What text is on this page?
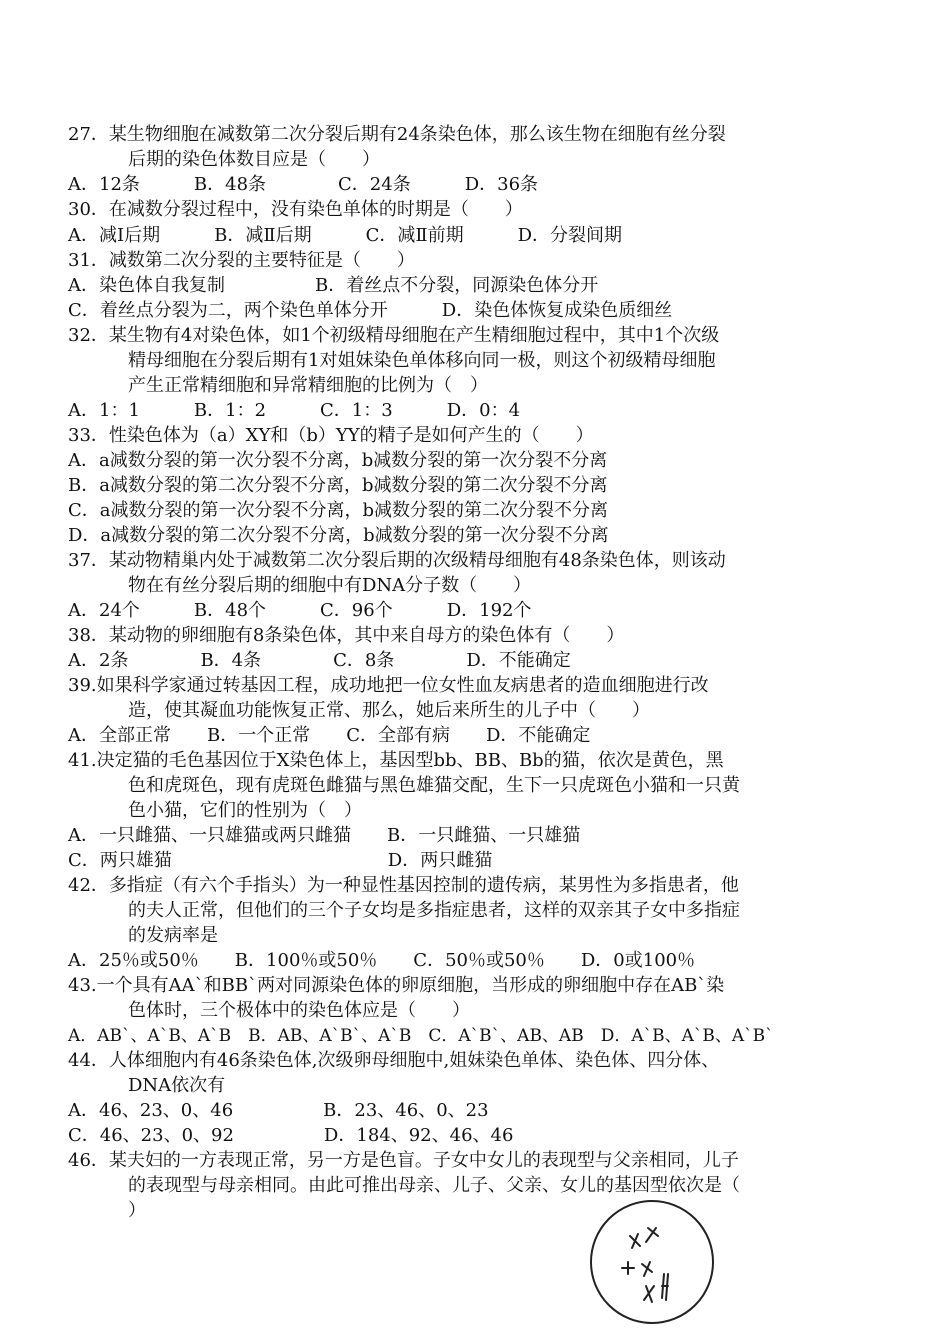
27．某生物细胞在减数第二次分裂后期有24条染色体，那么该生物在细胞有丝分裂
后期的染色体数目应是（　　）
A．12条　　　B．48条　　　　C．24条　　　D．36条
30．在减数分裂过程中，没有染色单体的时期是（　　）
A．减Ⅰ后期　　　B．减Ⅱ后期　　　C．减Ⅱ前期　　　D．分裂间期
31．减数第二次分裂的主要特征是（　　）
A．染色体自我复制　　　　　B．着丝点不分裂，同源染色体分开
C．着丝点分裂为二，两个染色单体分开　　　D．染色体恢复成染色质细丝
32．某生物有4对染色体，如1个初级精母细胞在产生精细胞过程中，其中1个次级
精母细胞在分裂后期有1对姐妹染色单体移向同一极，则这个初级精母细胞
产生正常精细胞和异常精细胞的比例为（　）
A．1：1　　　B．1：2　　　C．1：3　　　D．0：4
33．性染色体为（a）XY和（b）YY的精子是如何产生的（　　）
A．a减数分裂的第一次分裂不分离，b减数分裂的第一次分裂不分离
B．a减数分裂的第二次分裂不分离，b减数分裂的第二次分裂不分离
C．a减数分裂的第一次分裂不分离，b减数分裂的第二次分裂不分离
D．a减数分裂的第二次分裂不分离，b减数分裂的第一次分裂不分离
37．某动物精巢内处于减数第二次分裂后期的次级精母细胞有48条染色体，则该动
物在有丝分裂后期的细胞中有DNA分子数（　　）
A．24个　　　B．48个　　　C．96个　　　D．192个
38．某动物的卵细胞有8条染色体，其中来自母方的染色体有（　　）
A．2条　　　　B．4条　　　　C．8条　　　　D．不能确定
39.如果科学家通过转基因工程，成功地把一位女性血友病患者的造血细胞进行改
造，使其凝血功能恢复正常、那么，她后来所生的儿子中（　　）
A．全部正常　　B．一个正常　　C．全部有病　　D．不能确定
41.决定猫的毛色基因位于X染色体上，基因型bb、BB、Bb的猫，依次是黄色，黑
色和虎斑色，现有虎斑色雌猫与黑色雄猫交配，生下一只虎斑色小猫和一只黄
色小猫，它们的性别为（　）
A．一只雌猫、一只雄猫或两只雌猫　　B．一只雌猫、一只雄猫
C．两只雄猫　　　　　　　　　　　　D．两只雌猫
42．多指症（有六个手指头）为一种显性基因控制的遗传病，某男性为多指患者，他
的夫人正常，但他们的三个子女均是多指症患者，这样的双亲其子女中多指症
的发病率是
A．25％或50％　　B．100％或50％　　C．50％或50％　　D．0或100％
43.一个具有AA`和BB`两对同源染色体的卵原细胞，当形成的卵细胞中存在AB`染
色体时，三个极体中的染色体应是（　　）
A．AB`、A`B、A`B　B．AB、A`B`、A`B　C．A`B`、AB、AB　D．A`B、A`B、A`B`
44．人体细胞内有46条染色体,次级卵母细胞中,姐妹染色单体、染色体、四分体、
DNA依次有
A．46、23、0、46　　　　　B．23、46、0、23
C．46、23、0、92　　　　　D．184、92、46、46
46．某夫妇的一方表现正常，另一方是色盲。子女中女儿的表现型与父亲相同，儿子
的表现型与母亲相同。由此可推出母亲、儿子、父亲、女儿的基因型依次是（
）
